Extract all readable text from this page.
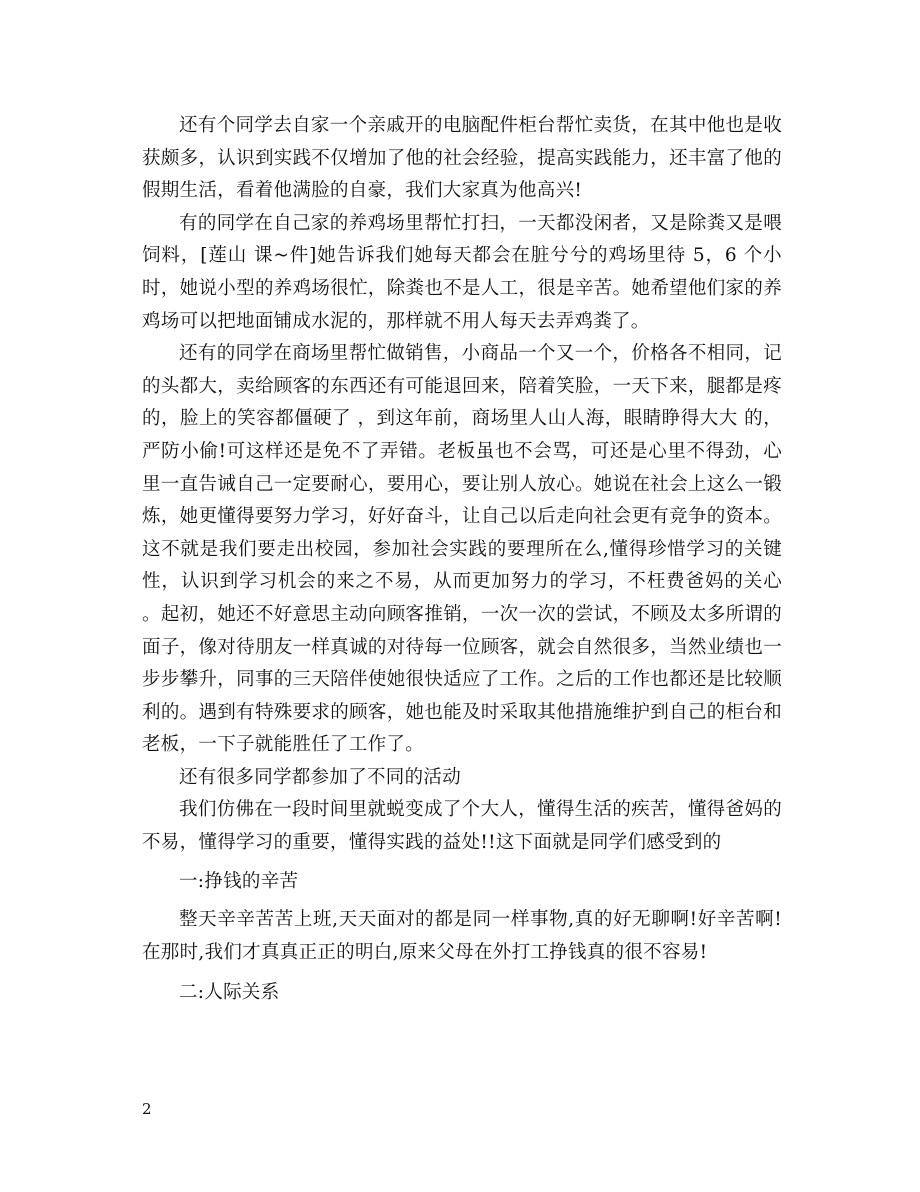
还有个同学去自家一个亲戚开的电脑配件柜台帮忙卖货，在其中他也是收获颇多，认识到实践不仅增加了他的社会经验，提高实践能力，还丰富了他的假期生活，看着他满脸的自豪，我们大家真为他高兴!

有的同学在自己家的养鸡场里帮忙打扫，一天都没闲者，又是除粪又是喂饲料，[莲山 课~件]她告诉我们她每天都会在脏兮兮的鸡场里待 5，6 个小时，她说小型的养鸡场很忙，除粪也不是人工，很是辛苦。她希望他们家的养鸡场可以把地面铺成水泥的，那样就不用人每天去弄鸡粪了。

还有的同学在商场里帮忙做销售，小商品一个又一个，价格各不相同，记的头都大，卖给顾客的东西还有可能退回来，陪着笑脸，一天下来，腿都是疼的，脸上的笑容都僵硬了 ，到这年前，商场里人山人海，眼睛睁得大大 的，严防小偷!可这样还是免不了弄错。老板虽也不会骂，可还是心里不得劲，心里一直告诫自己一定要耐心，要用心，要让别人放心。她说在社会上这么一锻炼，她更懂得要努力学习，好好奋斗，让自己以后走向社会更有竞争的资本。这不就是我们要走出校园，参加社会实践的要理所在么,懂得珍惜学习的关键性，认识到学习机会的来之不易，从而更加努力的学习，不枉费爸妈的关心 。起初，她还不好意思主动向顾客推销，一次一次的尝试，不顾及太多所谓的面子，像对待朋友一样真诚的对待每一位顾客，就会自然很多，当然业绩也一步步攀升，同事的三天陪伴使她很快适应了工作。之后的工作也都还是比较顺利的。遇到有特殊要求的顾客，她也能及时采取其他措施维护到自己的柜台和老板，一下子就能胜任了工作了。

还有很多同学都参加了不同的活动

我们仿佛在一段时间里就蜕变成了个大人，懂得生活的疾苦，懂得爸妈的不易，懂得学习的重要，懂得实践的益处!!这下面就是同学们感受到的

一:挣钱的辛苦

整天辛辛苦苦上班,天天面对的都是同一样事物,真的好无聊啊!好辛苦啊!在那时,我们才真真正正的明白,原来父母在外打工挣钱真的很不容易!

二:人际关系

2
